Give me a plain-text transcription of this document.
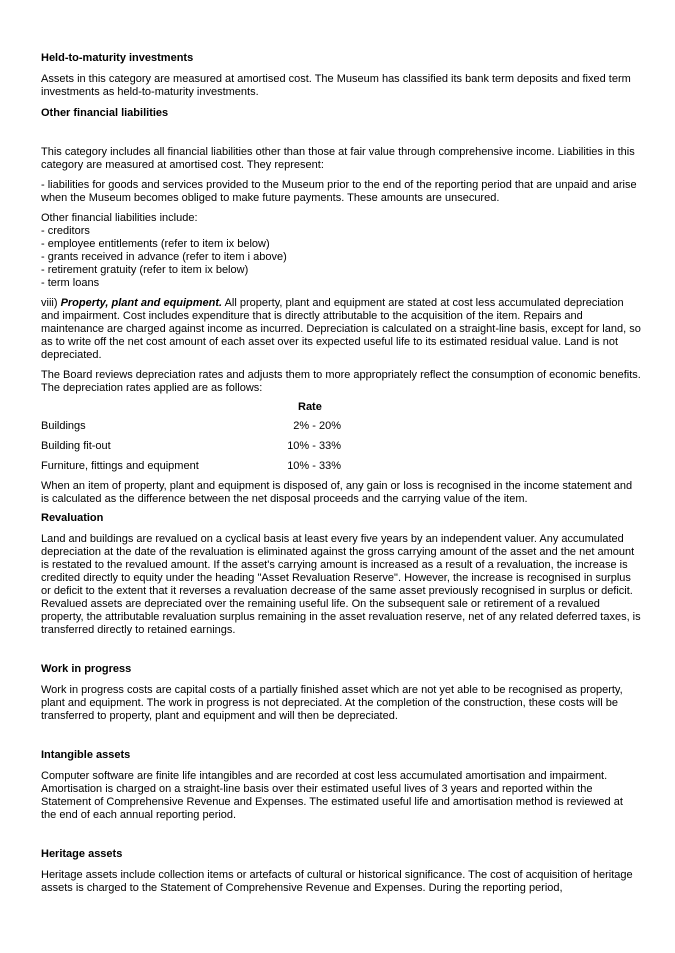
Held-to-maturity investments

Assets in this category are measured at amortised cost. The Museum has classified its bank term deposits and fixed term investments as held-to-maturity investments.

Other financial liabilities

This category includes all financial liabilities other than those at fair value through comprehensive income. Liabilities in this category are measured at amortised cost. They represent:

- liabilities for goods and services provided to the Museum prior to the end of the reporting period that are unpaid and arise when the Museum becomes obliged to make future payments. These amounts are unsecured.

Other financial liabilities include:

- creditors
- employee entitlements (refer to item ix below)
- grants received in advance (refer to item i above)
- retirement gratuity (refer to item ix below)
- term loans

viii) Property, plant and equipment. All property, plant and equipment are stated at cost less accumulated depreciation and impairment. Cost includes expenditure that is directly attributable to the acquisition of the item. Repairs and maintenance are charged against income as incurred. Depreciation is calculated on a straight-line basis, except for land, so as to write off the net cost amount of each asset over its expected useful life to its estimated residual value. Land is not depreciated.

The Board reviews depreciation rates and adjusts them to more appropriately reflect the consumption of economic benefits. The depreciation rates applied are as follows:

Rate
Buildings	2% - 20%
Building fit-out	10% - 33%
Furniture, fittings and equipment	10% - 33%

When an item of property, plant and equipment is disposed of, any gain or loss is recognised in the income statement and is calculated as the difference between the net disposal proceeds and the carrying value of the item.

Revaluation

Land and buildings are revalued on a cyclical basis at least every five years by an independent valuer. Any accumulated depreciation at the date of the revaluation is eliminated against the gross carrying amount of the asset and the net amount is restated to the revalued amount. If the asset's carrying amount is increased as a result of a revaluation, the increase is credited directly to equity under the heading "Asset Revaluation Reserve". However, the increase is recognised in surplus or deficit to the extent that it reverses a revaluation decrease of the same asset previously recognised in surplus or deficit. Revalued assets are depreciated over the remaining useful life. On the subsequent sale or retirement of a revalued property, the attributable revaluation surplus remaining in the asset revaluation reserve, net of any related deferred taxes, is transferred directly to retained earnings.

Work in progress

Work in progress costs are capital costs of a partially finished asset which are not yet able to be recognised as property, plant and equipment. The work in progress is not depreciated. At the completion of the construction, these costs will be transferred to property, plant and equipment and will then be depreciated.

Intangible assets

Computer software are finite life intangibles and are recorded at cost less accumulated amortisation and impairment. Amortisation is charged on a straight-line basis over their estimated useful lives of 3 years and reported within the Statement of Comprehensive Revenue and Expenses. The estimated useful life and amortisation method is reviewed at the end of each annual reporting period.

Heritage assets

Heritage assets include collection items or artefacts of cultural or historical significance. The cost of acquisition of heritage assets is charged to the Statement of Comprehensive Revenue and Expenses. During the reporting period,
